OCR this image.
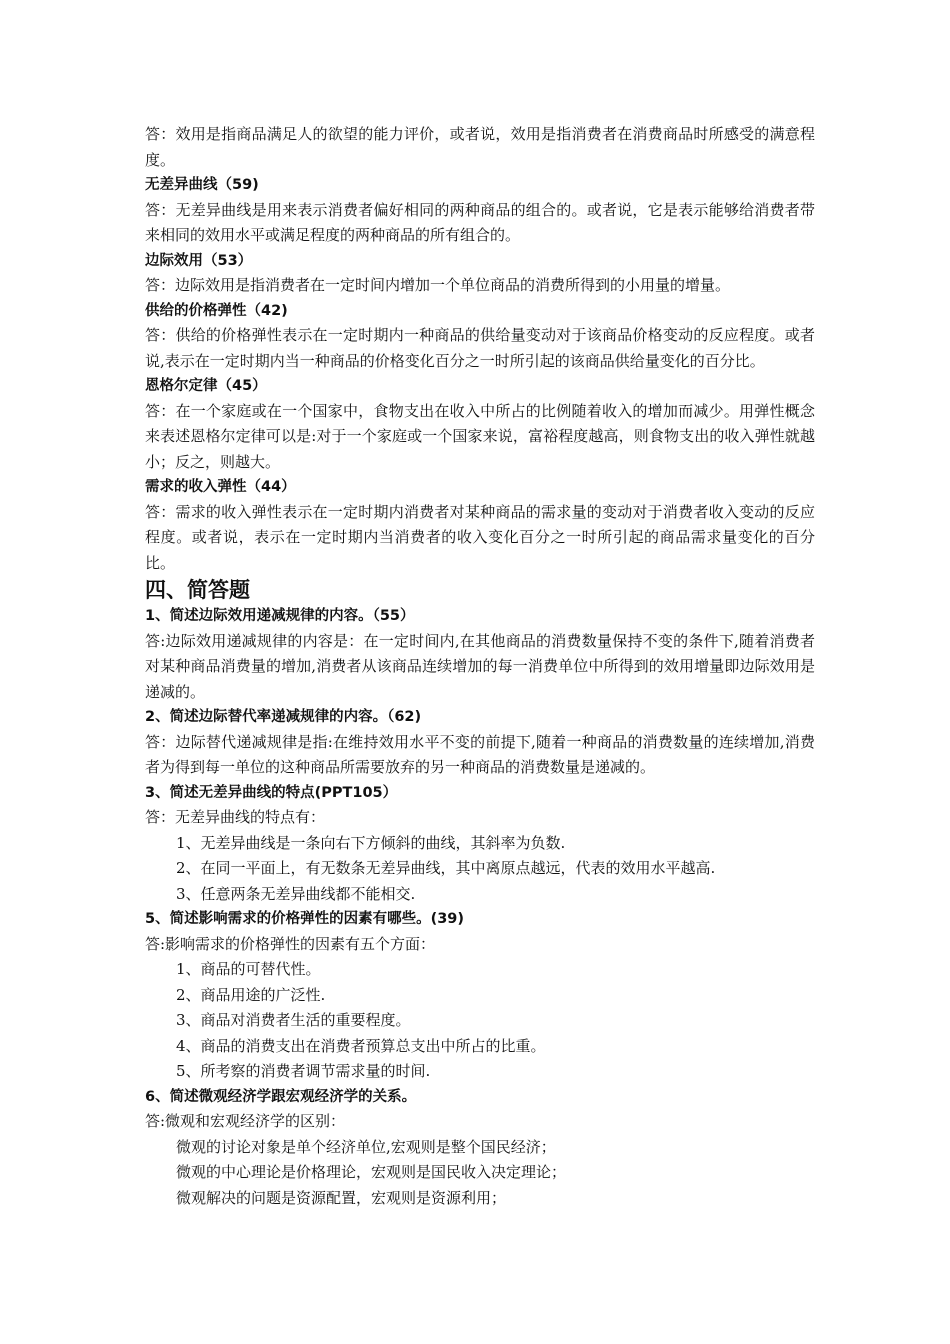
答：效用是指商品满足人的欲望的能力评价，或者说，效用是指消费者在消费商品时所感受的满意程度。

无差异曲线（59)

答：无差异曲线是用来表示消费者偏好相同的两种商品的组合的。或者说，它是表示能够给消费者带来相同的效用水平或满足程度的两种商品的所有组合的。

边际效用（53）

答：边际效用是指消费者在一定时间内增加一个单位商品的消费所得到的小用量的增量。

供给的价格弹性（42)

答：供给的价格弹性表示在一定时期内一种商品的供给量变动对于该商品价格变动的反应程度。或者说,表示在一定时期内当一种商品的价格变化百分之一时所引起的该商品供给量变化的百分比。

恩格尔定律（45）

答：在一个家庭或在一个国家中，食物支出在收入中所占的比例随着收入的增加而减少。用弹性概念来表述恩格尔定律可以是:对于一个家庭或一个国家来说，富裕程度越高，则食物支出的收入弹性就越小；反之，则越大。

需求的收入弹性（44）

答：需求的收入弹性表示在一定时期内消费者对某种商品的需求量的变动对于消费者收入变动的反应程度。或者说，表示在一定时期内当消费者的收入变化百分之一时所引起的商品需求量变化的百分比。

四、简答题

1、简述边际效用递减规律的内容。（55）

答:边际效用递减规律的内容是：在一定时间内,在其他商品的消费数量保持不变的条件下,随着消费者对某种商品消费量的增加,消费者从该商品连续增加的每一消费单位中所得到的效用增量即边际效用是递减的。

2、简述边际替代率递减规律的内容。（62)

答：边际替代递减规律是指:在维持效用水平不变的前提下,随着一种商品的消费数量的连续增加,消费者为得到每一单位的这种商品所需要放弃的另一种商品的消费数量是递减的。

3、简述无差异曲线的特点(PPT105）

答：无差异曲线的特点有：

1、无差异曲线是一条向右下方倾斜的曲线，其斜率为负数.

2、在同一平面上，有无数条无差异曲线，其中离原点越远，代表的效用水平越高.

3、任意两条无差异曲线都不能相交.

5、简述影响需求的价格弹性的因素有哪些。(39)

答:影响需求的价格弹性的因素有五个方面：

1、商品的可替代性。

2、商品用途的广泛性.

3、商品对消费者生活的重要程度。

4、商品的消费支出在消费者预算总支出中所占的比重。

5、所考察的消费者调节需求量的时间.

6、简述微观经济学跟宏观经济学的关系。

答:微观和宏观经济学的区别：

微观的讨论对象是单个经济单位,宏观则是整个国民经济；

微观的中心理论是价格理论，宏观则是国民收入决定理论；

微观解决的问题是资源配置，宏观则是资源利用；
